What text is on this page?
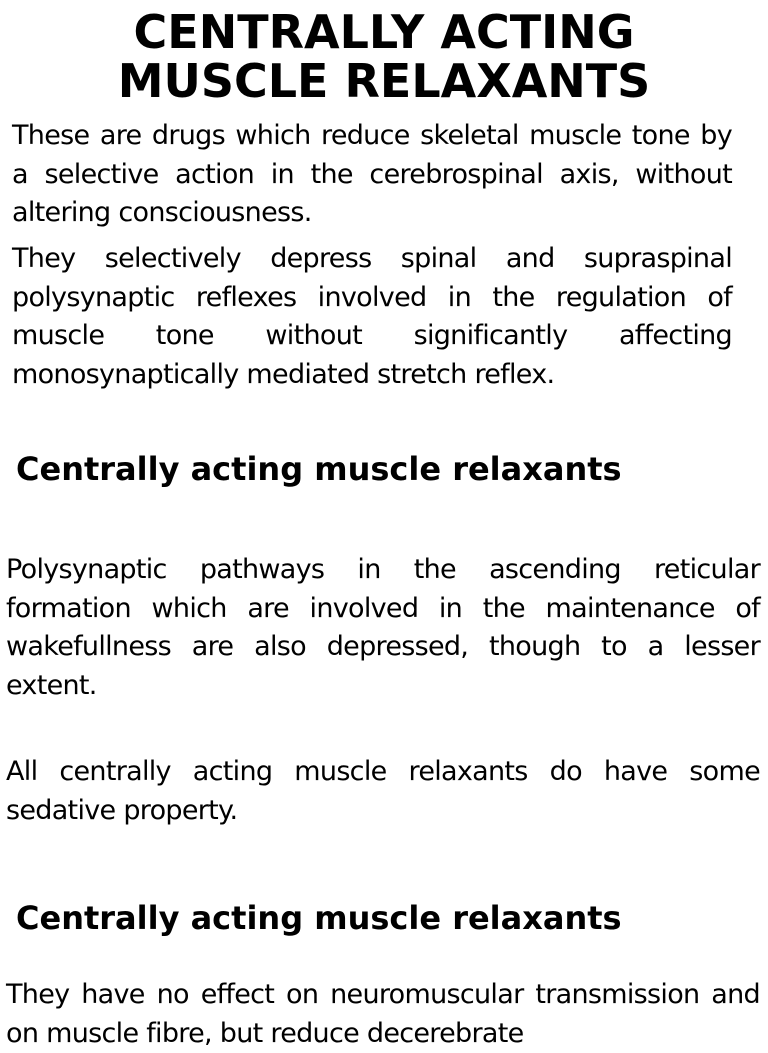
CENTRALLY ACTING
MUSCLE RELAXANTS

These are drugs which reduce skeletal muscle tone by a selective action in the cerebrospinal axis, without altering consciousness.

They selectively depress spinal and supraspinal polysynaptic reflexes involved in the regulation of muscle tone without significantly affecting monosynaptically mediated stretch reflex.

Centrally acting muscle relaxants

Polysynaptic pathways in the ascending reticular formation which are involved in the maintenance of wakefullness are also depressed, though to a lesser extent.

All centrally acting muscle relaxants do have some sedative property.

Centrally acting muscle relaxants

They have no effect on neuromuscular transmission and on muscle fibre, but reduce decerebrate
